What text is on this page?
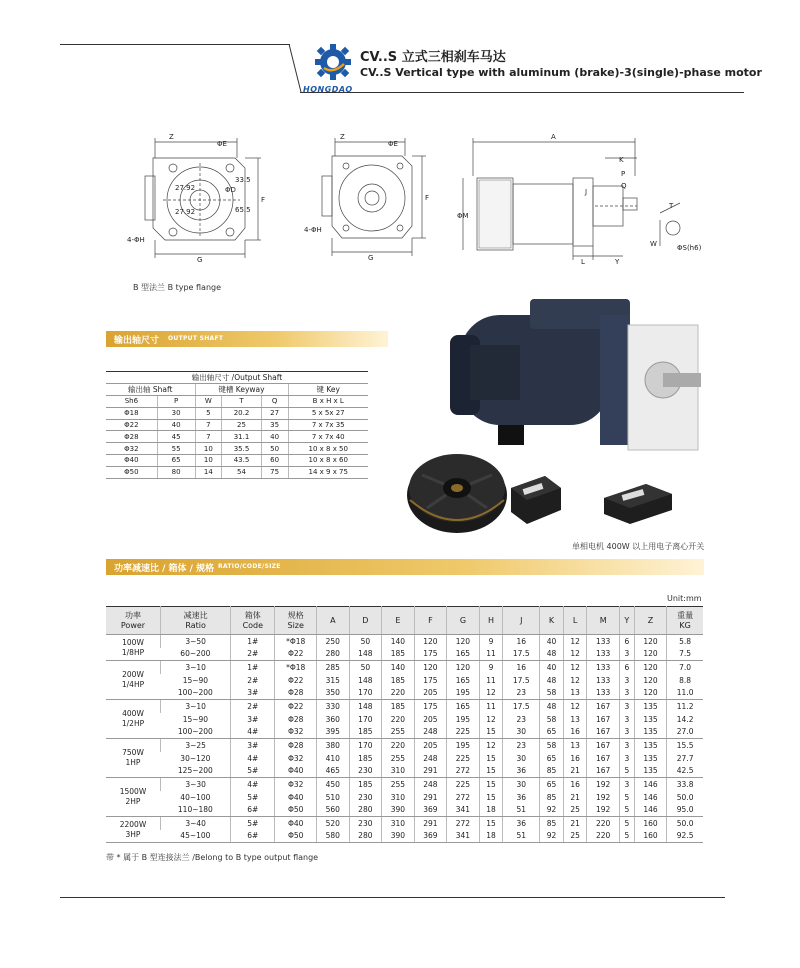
HONGDAO
CV..S 立式三相刹车马达
CV..S Vertical type with aluminum (brake)-3(single)-phase motor
Z
ΦE
ΦD
27.92
27.92
33.5
65.5
F
G
4-ΦH
B 型法兰 B type flange
Z
ΦE
F
G
4-ΦH
A
K
P
Q
J
ΦM
L	Y
T
W	ΦS(h6)
输出轴尺寸 OUTPUT SHAFT
输出轴尺寸 /Output Shaft					
输出轴 Shaft		键槽 Keyway			键 Key
Sh6	P	W	T	Q	B x H x L
Φ18	30	5	20.2	27	5 x 5x 27
Φ22	40	7	25	35	7 x 7x 35
Φ28	45	7	31.1	40	7 x 7x 40
Φ32	55	10	35.5	50	10 x 8 x 50
Φ40	65	10	43.5	60	10 x 8 x 60
Φ50	80	14	54	75	14 x 9 x 75
单相电机 400W 以上用电子离心开关
功率减速比 / 箱体 / 规格 RATIO/CODE/SIZE
Unit:mm
功率
Power	减速比
Ratio	箱体
Code	规格
Size	A	D	E	F	G	H	J	K	L	M	Y	Z	重量
KG
100W
1/8HP	3~50	1#	*Φ18	250	50	140	120	120	9	16	40	12	133	6	120	5.8
	60~200	2#	Φ22	280	148	185	175	165	11	17.5	48	12	133	3	120	7.5
200W
1/4HP	3~10	1#	*Φ18	285	50	140	120	120	9	16	40	12	133	6	120	7.0
	15~90	2#	Φ22	315	148	185	175	165	11	17.5	48	12	133	3	120	8.8
	100~200	3#	Φ28	350	170	220	205	195	12	23	58	13	133	3	120	11.0
400W
1/2HP	3~10	2#	Φ22	330	148	185	175	165	11	17.5	48	12	167	3	135	11.2
	15~90	3#	Φ28	360	170	220	205	195	12	23	58	13	167	3	135	14.2
	100~200	4#	Φ32	395	185	255	248	225	15	30	65	16	167	3	135	27.0
750W
1HP	3~25	3#	Φ28	380	170	220	205	195	12	23	58	13	167	3	135	15.5
	30~120	4#	Φ32	410	185	255	248	225	15	30	65	16	167	3	135	27.7
	125~200	5#	Φ40	465	230	310	291	272	15	36	85	21	167	5	135	42.5
1500W
2HP	3~30	4#	Φ32	450	185	255	248	225	15	30	65	16	192	3	146	33.8
	40~100	5#	Φ40	510	230	310	291	272	15	36	85	21	192	5	146	50.0
	110~180	6#	Φ50	560	280	390	369	341	18	51	92	25	192	5	146	95.0
2200W
3HP	3~40	5#	Φ40	520	230	310	291	272	15	36	85	21	220	5	160	50.0
	45~100	6#	Φ50	580	280	390	369	341	18	51	92	25	220	5	160	92.5
带 * 属于 B 型连接法兰 /Belong to B type output flange
